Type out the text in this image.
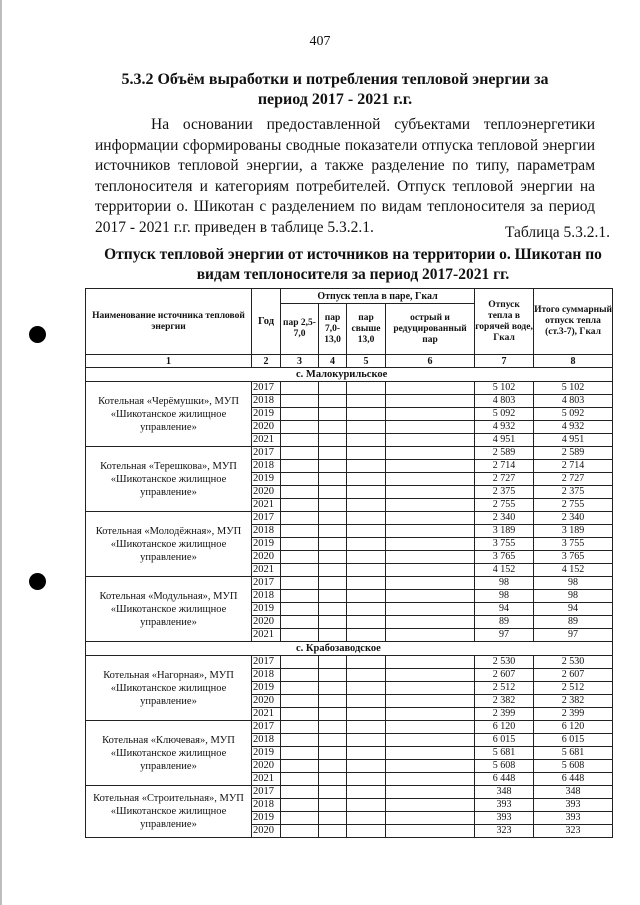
407
5.3.2 Объём выработки и потребления тепловой энергии за период 2017 - 2021 г.г.
На основании предоставленной субъектами теплоэнергетики информации сформированы сводные показатели отпуска тепловой энергии источников тепловой энергии, а также разделение по типу, параметрам теплоносителя и категориям потребителей. Отпуск тепловой энергии на территории о. Шикотан с разделением по видам теплоносителя за период 2017 - 2021 г.г. приведен в таблице 5.3.2.1.	Таблица 5.3.2.1.
Отпуск тепловой энергии от источников на территории о. Шикотан по видам теплоносителя за период 2017-2021 гг.
Наименование источника тепловой энергии	Год	Отпуск тепла в паре, Гкал				Отпуск тепла в горячей воде, Гкал	Итого суммарный отпуск тепла (ст.3-7), Гкал
		пар 2,5-7,0	пар 7,0-13,0	пар свыше 13,0	острый и редуцированный пар		
1	2	3	4	5	6	7	8
с. Малокурильское							
Котельная «Черёмушки», МУП «Шикотанское жилищное управление»	2017					5 102	5 102
	2018					4 803	4 803
	2019					5 092	5 092
	2020					4 932	4 932
	2021					4 951	4 951
Котельная «Терешкова», МУП «Шикотанское жилищное управление»	2017					2 589	2 589
	2018					2 714	2 714
	2019					2 727	2 727
	2020					2 375	2 375
	2021					2 755	2 755
Котельная «Молодёжная», МУП «Шикотанское жилищное управление»	2017					2 340	2 340
	2018					3 189	3 189
	2019					3 755	3 755
	2020					3 765	3 765
	2021					4 152	4 152
Котельная «Модульная», МУП «Шикотанское жилищное управление»	2017					98	98
	2018					98	98
	2019					94	94
	2020					89	89
	2021					97	97
с. Крабозаводское							
Котельная «Нагорная», МУП «Шикотанское жилищное управление»	2017					2 530	2 530
	2018					2 607	2 607
	2019					2 512	2 512
	2020					2 382	2 382
	2021					2 399	2 399
Котельная «Ключевая», МУП «Шикотанское жилищное управление»	2017					6 120	6 120
	2018					6 015	6 015
	2019					5 681	5 681
	2020					5 608	5 608
	2021					6 448	6 448
Котельная «Строительная», МУП «Шикотанское жилищное управление»	2017					348	348
	2018					393	393
	2019					393	393
	2020					323	323
